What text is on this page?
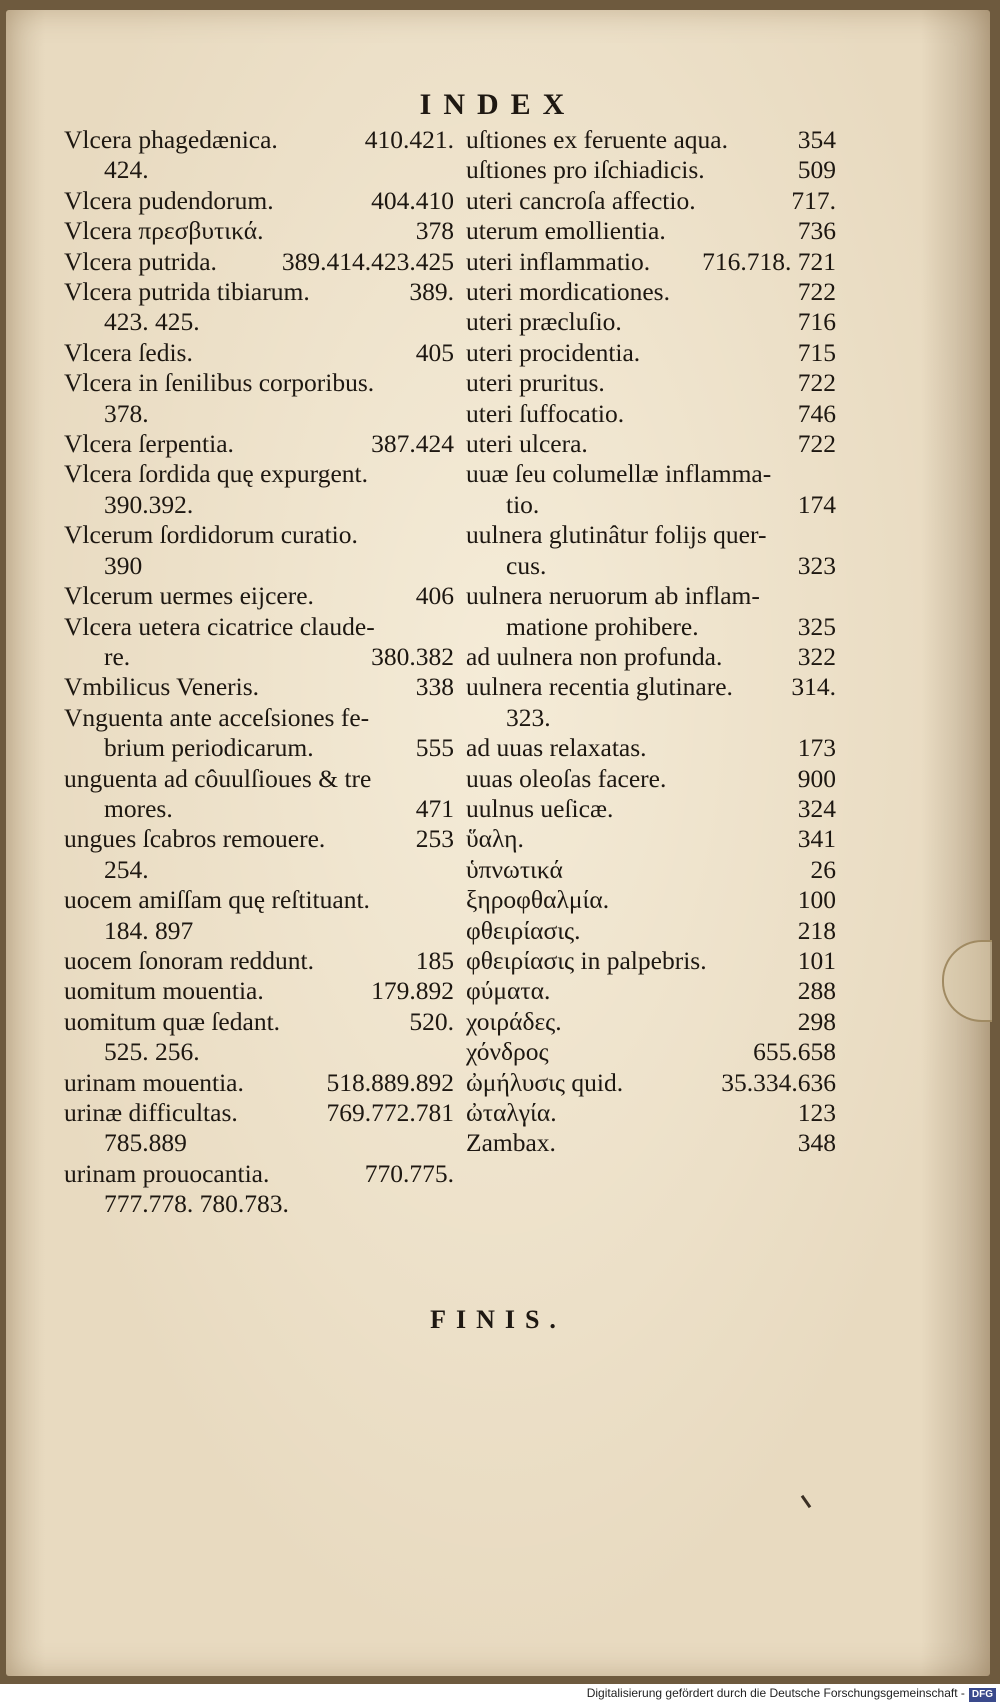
INDEX
410.421.
Vlcera phagedænica.
424.
404.410
Vlcera pudendorum.
378
Vlcera πρεσβυτικά.
389.414.423.425
Vlcera putrida.
389.
Vlcera putrida tibiarum.
423. 425.
405
Vlcera ſedis.
Vlcera in ſenilibus corporibus.
378.
387.424
Vlcera ſerpentia.
Vlcera ſordida quę expurgent.
390.392.
Vlcerum ſordidorum curatio.
390
406
Vlcerum uermes eijcere.
Vlcera uetera cicatrice claude-
380.382
re.
338
Vmbilicus Veneris.
Vnguenta ante acceſsiones fe-
555
brium periodicarum.
unguenta ad côuulſioues & tre
471
mores.
253
ungues ſcabros remouere.
254.
uocem amiſſam quę reſtituant.
184. 897
185
uocem ſonoram reddunt.
179.892
uomitum mouentia.
520.
uomitum quæ ſedant.
525. 256.
518.889.892
urinam mouentia.
769.772.781
urinæ difficultas.
785.889
770.775.
urinam prouocantia.
777.778. 780.783.
354
uſtiones ex feruente aqua.
509
uſtiones pro iſchiadicis.
717.
uteri cancroſa affectio.
736
uterum emollientia.
716.718. 721
uteri inflammatio.
722
uteri mordicationes.
716
uteri præcluſio.
715
uteri procidentia.
722
uteri pruritus.
746
uteri ſuffocatio.
722
uteri ulcera.
uuæ ſeu columellæ inflamma-
174
tio.
uulnera glutinâtur folijs quer-
323
cus.
uulnera neruorum ab inflam-
325
matione prohibere.
322
ad uulnera non profunda.
314.
uulnera recentia glutinare.
323.
173
ad uuas relaxatas.
900
uuas oleoſas facere.
324
uulnus ueſicæ.
341
ὕαλη.
26
ὑπνωτικά
100
ξηροφθαλμία.
218
φθειρίασις.
101
φθειρίασις in palpebris.
288
φύματα.
298
χοιράδες.
655.658
χόνδρος
35.334.636
ὠμήλυσις quid.
123
ὠταλγία.
348
Zambax.
FINIS.
Digitalisierung gefördert durch die Deutsche Forschungsgemeinschaft - DFG
